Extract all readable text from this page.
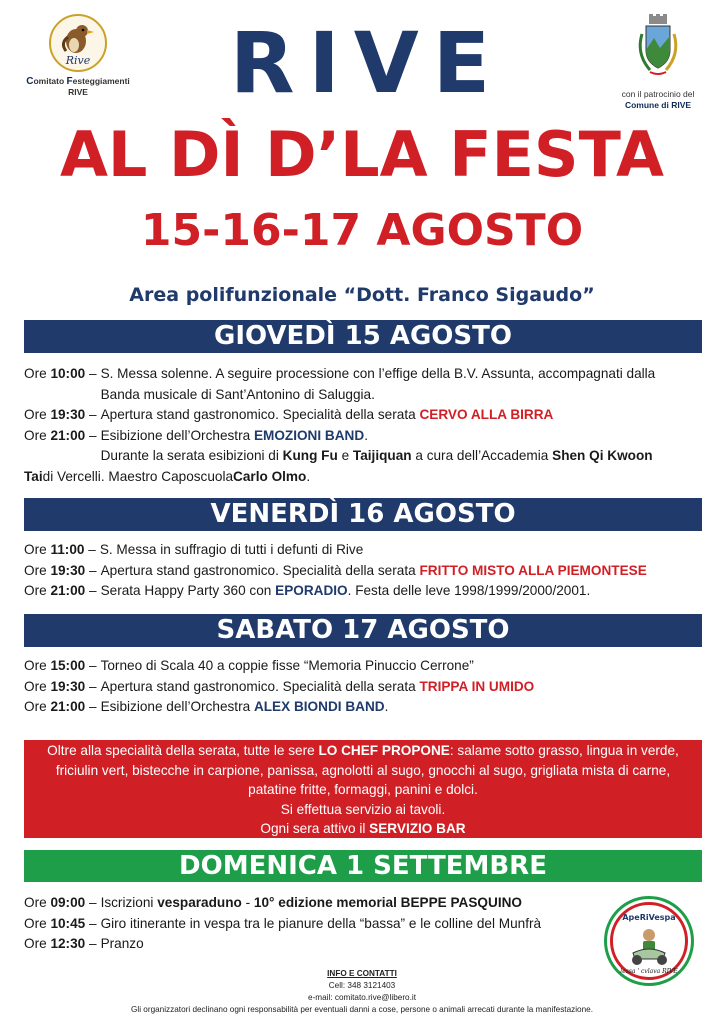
Rive
Comitato Festeggiamenti
RIVE	con il patrocinio del
Comune di RIVE
RIVE
AL DÌ D’LA FESTA
15-16-17 AGOSTO
Area polifunzionale “Dott. Franco Sigaudo”
GIOVEDÌ 15 AGOSTO
Ore 10:00 – S. Messa solenne. A seguire processione con l’effige della B.V. Assunta, accompagnati dalla
Banda musicale di Sant’Antonino di Saluggia.
Ore 19:30 – Apertura stand gastronomico. Specialità della serata CERVO ALLA BIRRA
Ore 21:00 – Esibizione dell’Orchestra EMOZIONI BAND.
Durante la serata esibizioni di Kung Fu e Taijiquan a cura dell’Accademia Shen Qi Kwoon
Tai di Vercelli. Maestro Caposcuola Carlo Olmo .
VENERDÌ 16 AGOSTO
Ore 11:00 – S. Messa in suffragio di tutti i defunti di Rive
Ore 19:30 – Apertura stand gastronomico. Specialità della serata FRITTO MISTO ALLA PIEMONTESE
Ore 21:00 – Serata Happy Party 360 con EPORADIO. Festa delle leve 1998/1999/2000/2001.
SABATO 17 AGOSTO
Ore 15:00 – Torneo di Scala 40 a coppie fisse “Memoria Pinuccio Cerrone”
Ore 19:30 – Apertura stand gastronomico. Specialità della serata TRIPPA IN UMIDO
Ore 21:00 – Esibizione dell’Orchestra ALEX BIONDI BAND.
Oltre alla specialità della serata, tutte le sere LO CHEF PROPONE: salame sotto grasso, lingua in verde,
friciulin vert, bistecche in carpione, panissa, agnolotti al sugo, gnocchi al sugo, grigliata mista di carne,
patatine fritte, formaggi, panini e dolci.
Si effettua servizio ai tavoli.
Ogni sera attivo il SERVIZIO BAR
DOMENICA 1 SETTEMBRE
Ore 09:00 – Iscrizioni vesparaduno - 10° edizione memorial BEPPE PASQUINO
Ore 10:45 – Giro itinerante in vespa tra le pianure della “bassa” e le colline del Munfrà
Ore 12:30 – Pranzo
ApeRiVespa
lessa ' cvlava RIVE
INFO E CONTATTI
Cell: 348 3121403
e-mail: comitato.rive@libero.it
Gli organizzatori declinano ogni responsabilità per eventuali danni a cose, persone o animali arrecati durante la manifestazione.
